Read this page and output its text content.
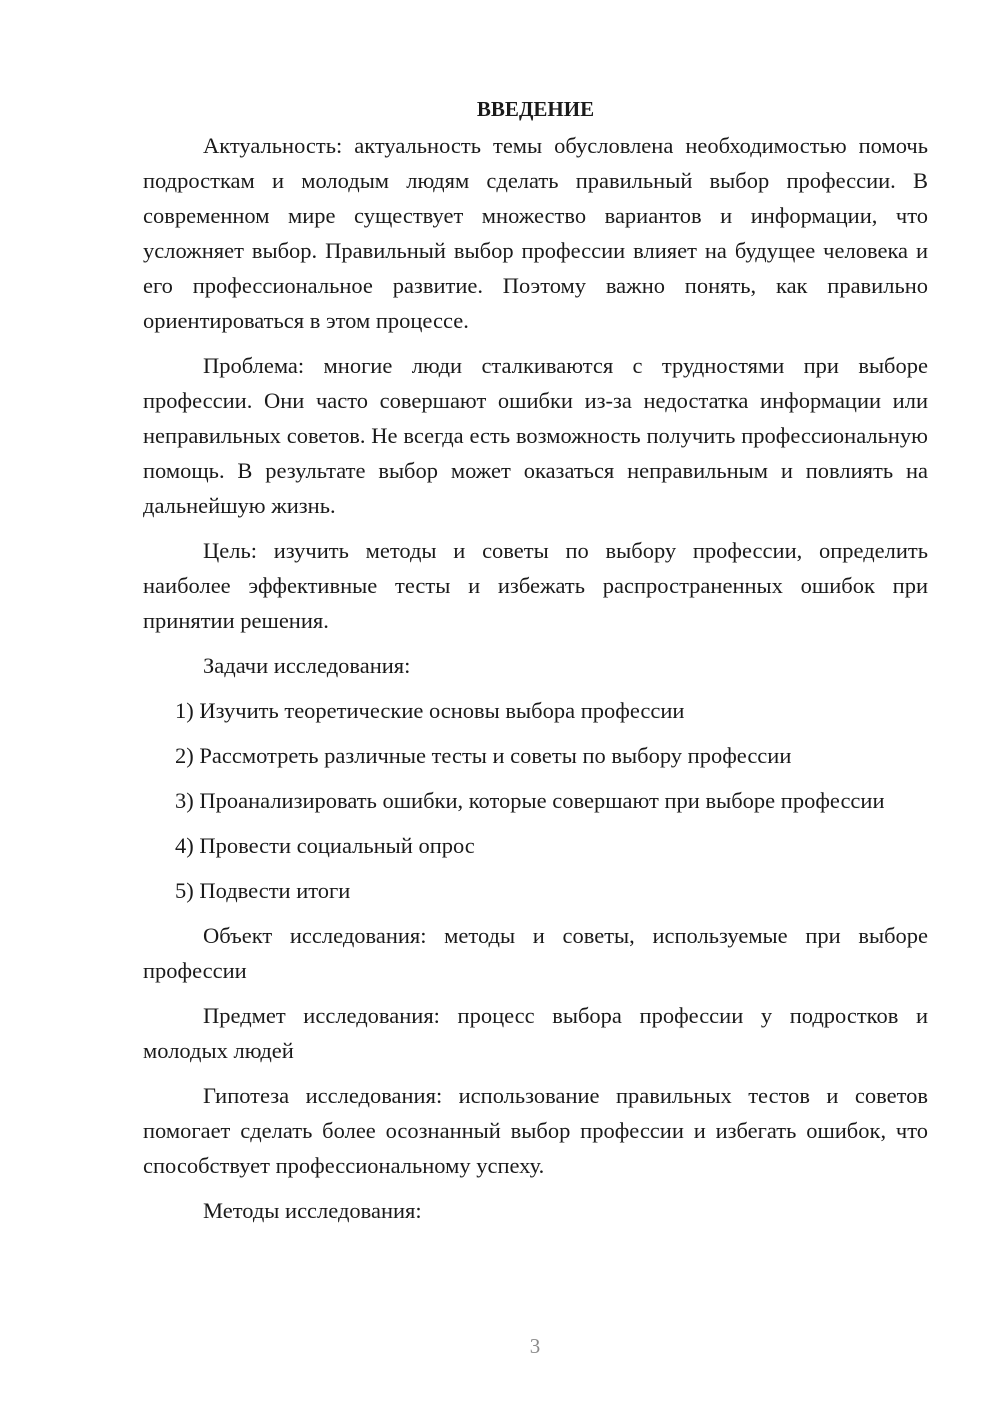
ВВЕДЕНИЕ

Актуальность: актуальность темы обусловлена необходимостью помочь подросткам и молодым людям сделать правильный выбор профессии. В современном мире существует множество вариантов и информации, что усложняет выбор. Правильный выбор профессии влияет на будущее человека и его профессиональное развитие. Поэтому важно понять, как правильно ориентироваться в этом процессе.

Проблема: многие люди сталкиваются с трудностями при выборе профессии. Они часто совершают ошибки из-за недостатка информации или неправильных советов. Не всегда есть возможность получить профессиональную помощь. В результате выбор может оказаться неправильным и повлиять на дальнейшую жизнь.

Цель: изучить методы и советы по выбору профессии, определить наиболее эффективные тесты и избежать распространенных ошибок при принятии решения.

Задачи исследования:

1) Изучить теоретические основы выбора профессии

2) Рассмотреть различные тесты и советы по выбору профессии

3) Проанализировать ошибки, которые совершают при выборе профессии

4) Провести социальный опрос

5) Подвести итоги

Объект исследования: методы и советы, используемые при выборе профессии

Предмет исследования: процесс выбора профессии у подростков и молодых людей

Гипотеза исследования: использование правильных тестов и советов помогает сделать более осознанный выбор профессии и избегать ошибок, что способствует профессиональному успеху.

Методы исследования:

3
